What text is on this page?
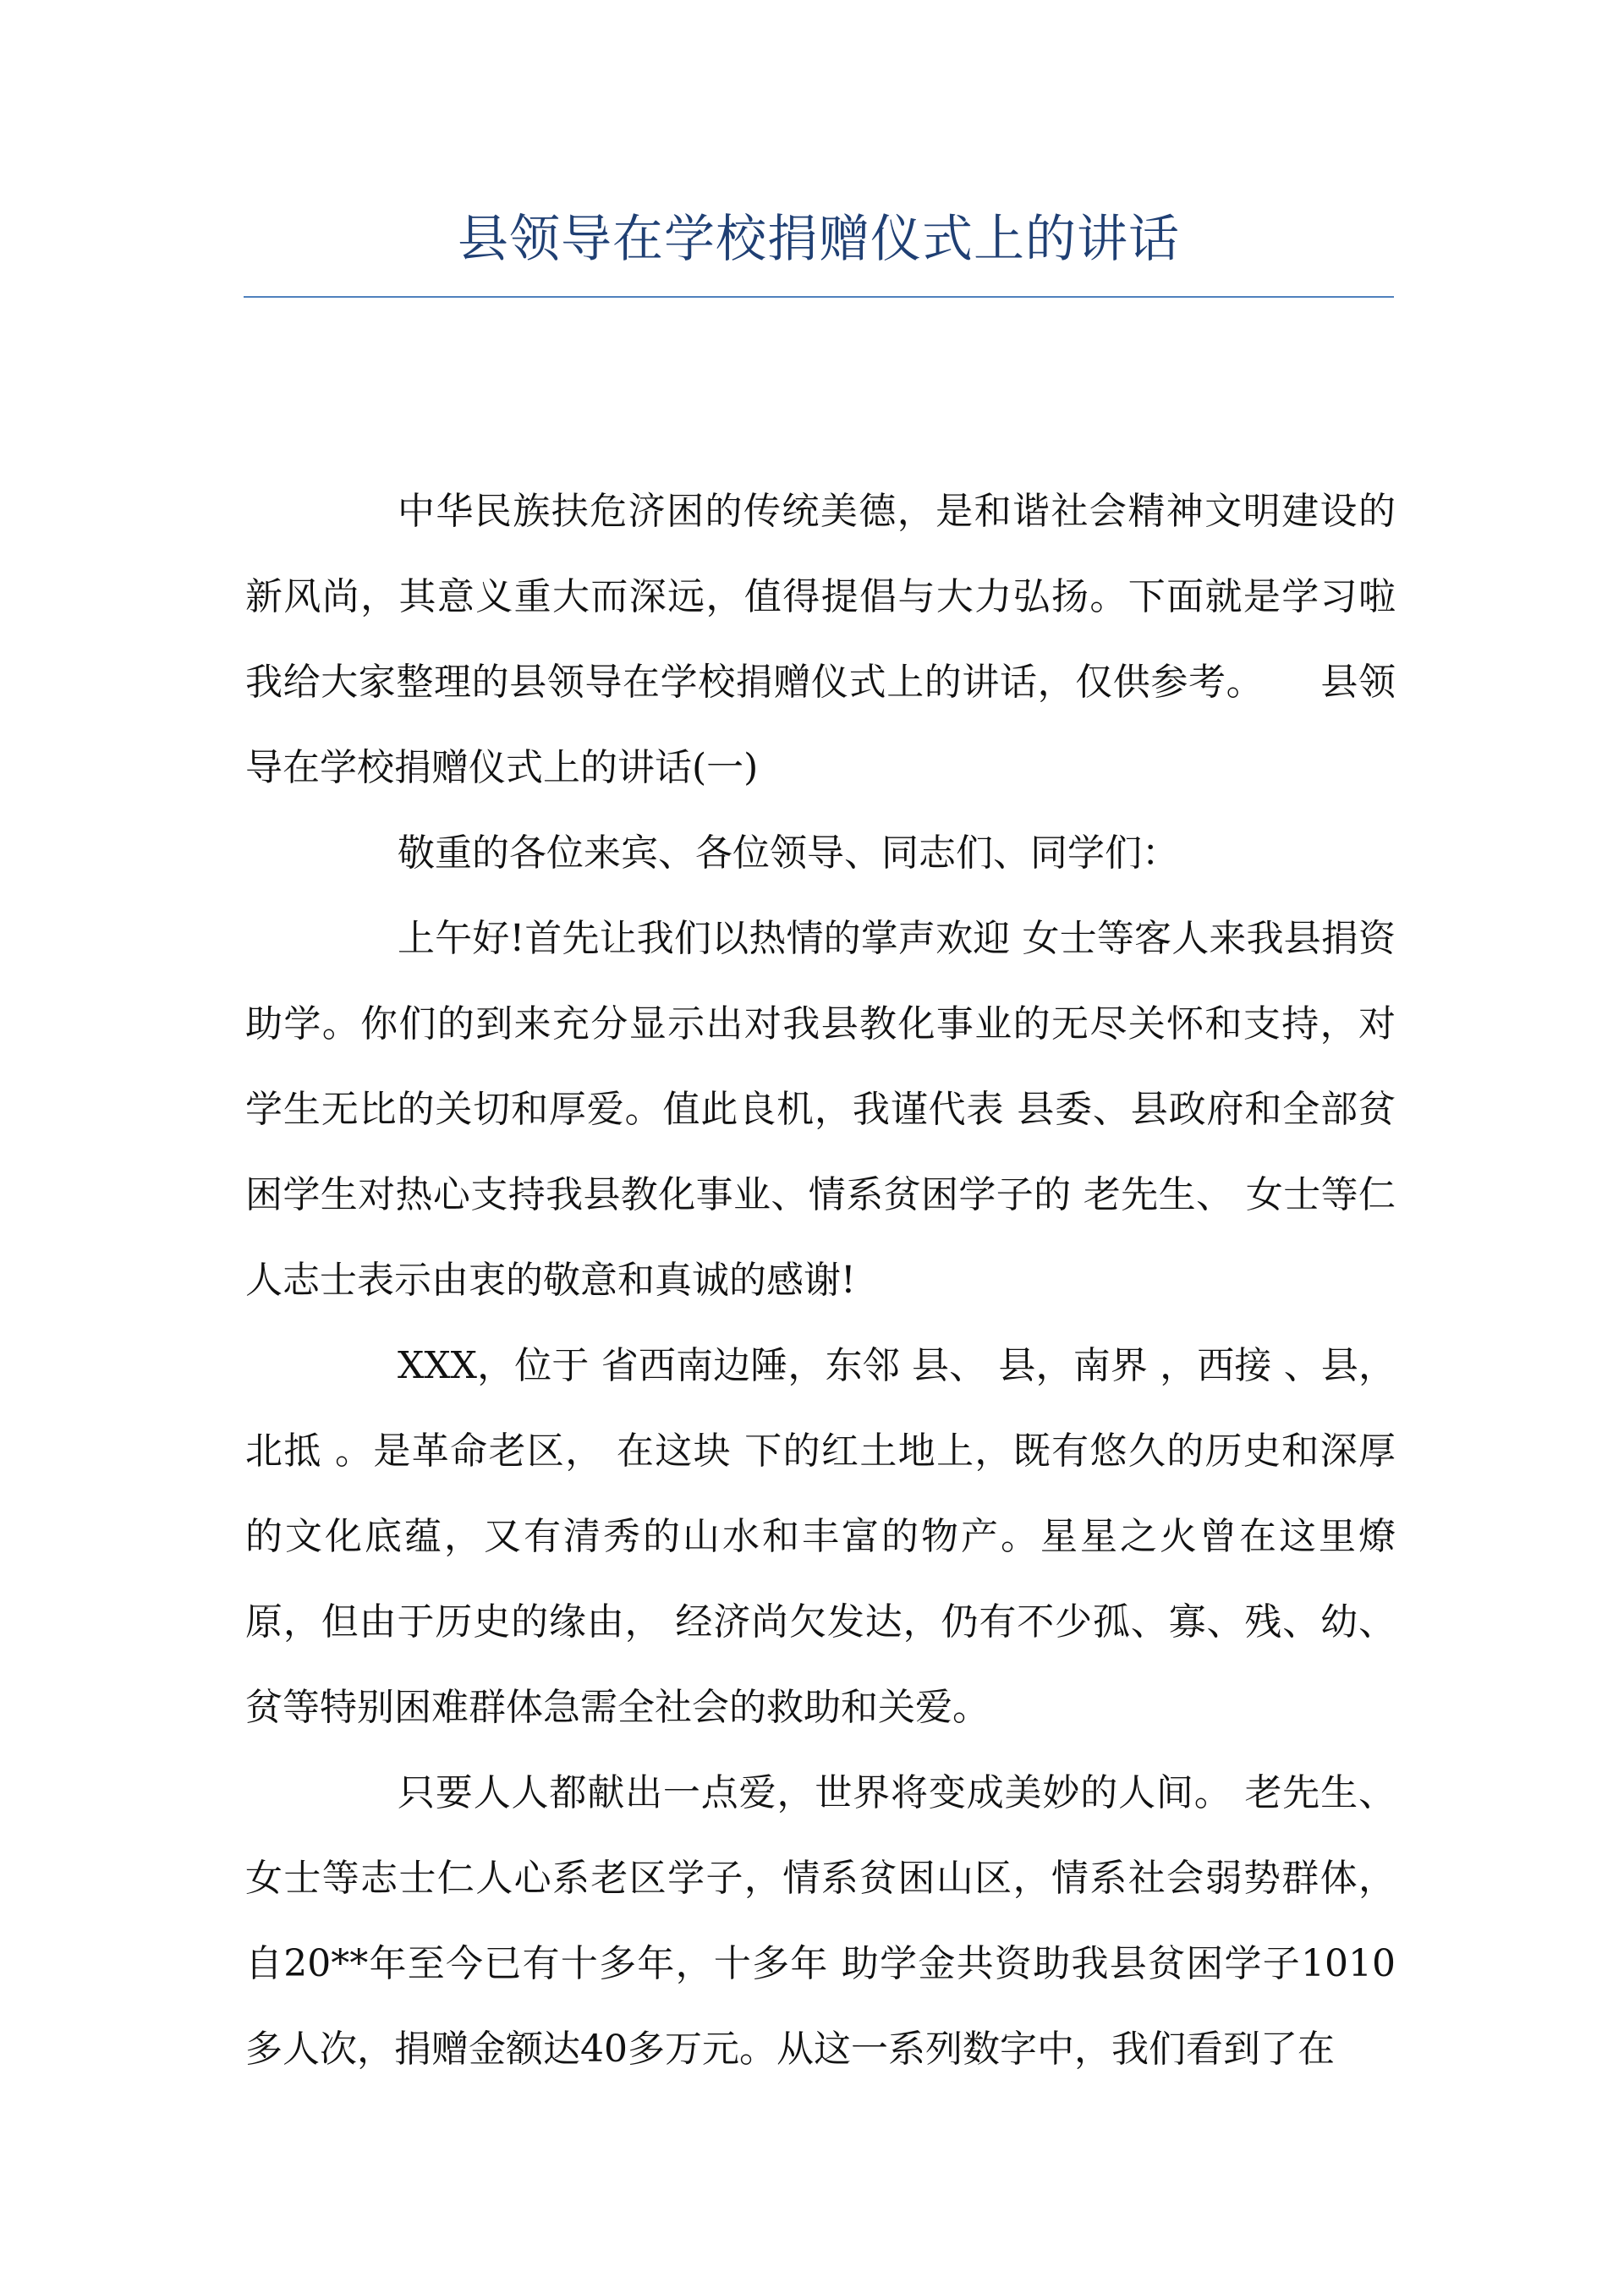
县领导在学校捐赠仪式上的讲话

中华民族扶危济困的传统美德，是和谐社会精神文明建设的新风尚，其意义重大而深远，值得提倡与大力弘扬。下面就是学习啦我给大家整理的县领导在学校捐赠仪式上的讲话，仅供参考。　　县领导在学校捐赠仪式上的讲话(一)

敬重的各位来宾、各位领导、同志们、同学们：

上午好!首先让我们以热情的掌声欢迎 女士等客人来我县捐资助学。你们的到来充分显示出对我县教化事业的无尽关怀和支持，对学生无比的关切和厚爱。值此良机，我谨代表 县委、县政府和全部贫困学生对热心支持我县教化事业、情系贫困学子的 老先生、 女士等仁人志士表示由衷的敬意和真诚的感谢!

XXX，位于 省西南边陲，东邻 县、 县，南界 ，西接 、县，北抵 。是革命老区， 在这块 下的红土地上，既有悠久的历史和深厚的文化底蕴，又有清秀的山水和丰富的物产。星星之火曾在这里燎原，但由于历史的缘由， 经济尚欠发达，仍有不少孤、寡、残、幼、贫等特别困难群体急需全社会的救助和关爱。

只要人人都献出一点爱，世界将变成美妙的人间。 老先生、 女士等志士仁人心系老区学子，情系贫困山区，情系社会弱势群体，自20**年至今已有十多年，十多年 助学金共资助我县贫困学子1010多人次，捐赠金额达40多万元。从这一系列数字中，我们看到了在
